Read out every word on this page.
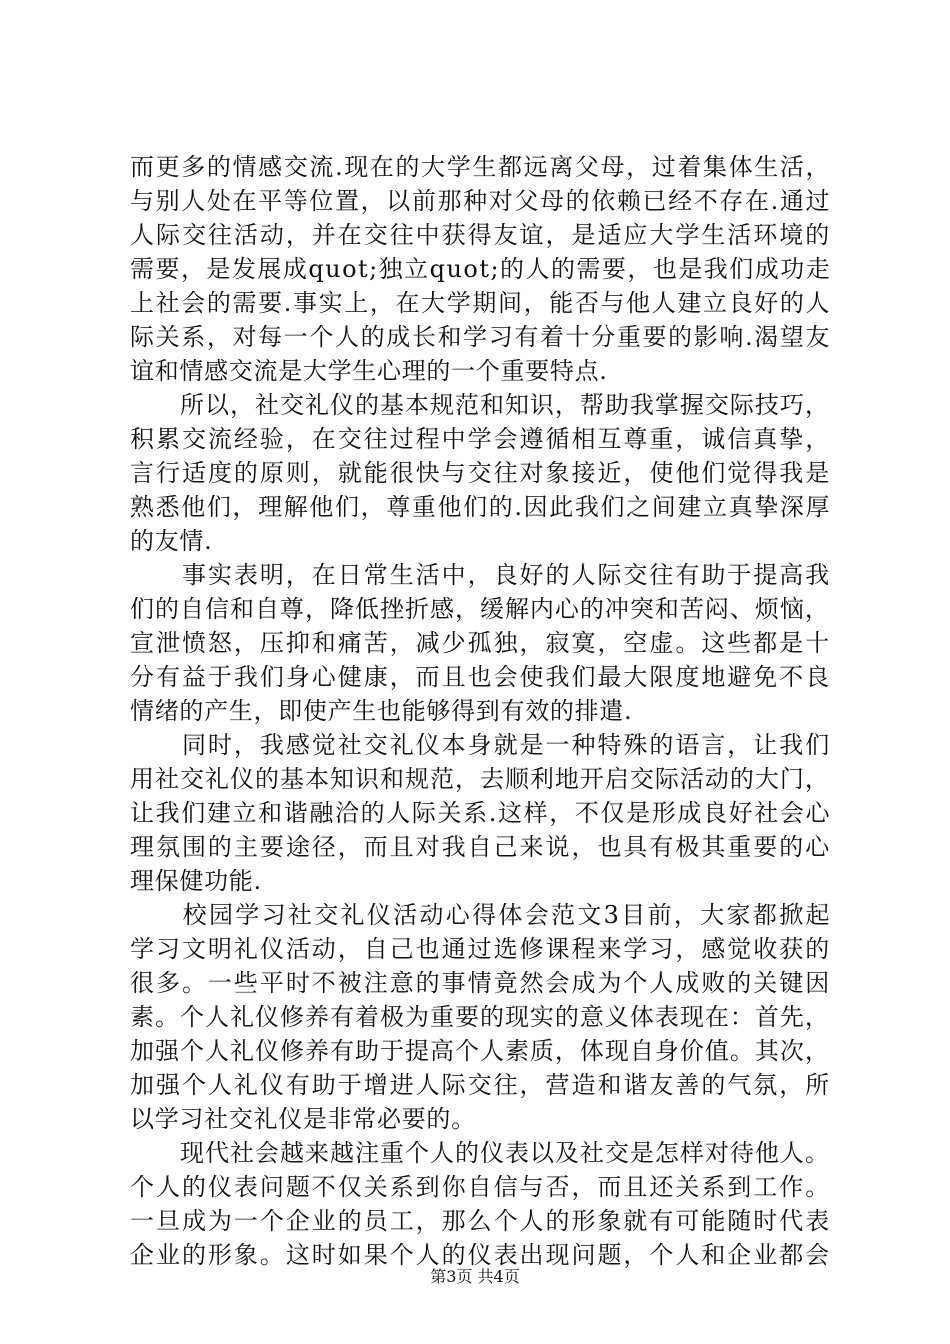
而更多的情感交流.现在的大学生都远离父母，过着集体生活，
与别人处在平等位置，以前那种对父母的依赖已经不存在.通过
人际交往活动，并在交往中获得友谊，是适应大学生活环境的
需要，是发展成quot;独立quot;的人的需要，也是我们成功走
上社会的需要.事实上，在大学期间，能否与他人建立良好的人
际关系，对每一个人的成长和学习有着十分重要的影响.渴望友
谊和情感交流是大学生心理的一个重要特点.
　　所以，社交礼仪的基本规范和知识，帮助我掌握交际技巧，
积累交流经验，在交往过程中学会遵循相互尊重，诚信真挚，
言行适度的原则，就能很快与交往对象接近，使他们觉得我是
熟悉他们，理解他们，尊重他们的.因此我们之间建立真挚深厚
的友情.
　　事实表明，在日常生活中，良好的人际交往有助于提高我
们的自信和自尊，降低挫折感，缓解内心的冲突和苦闷、烦恼，
宣泄愤怒，压抑和痛苦，减少孤独，寂寞，空虚。这些都是十
分有益于我们身心健康，而且也会使我们最大限度地避免不良
情绪的产生，即使产生也能够得到有效的排遣.
　　同时，我感觉社交礼仪本身就是一种特殊的语言，让我们
用社交礼仪的基本知识和规范，去顺利地开启交际活动的大门，
让我们建立和谐融洽的人际关系.这样，不仅是形成良好社会心
理氛围的主要途径，而且对我自己来说，也具有极其重要的心
理保健功能.
　　校园学习社交礼仪活动心得体会范文3目前，大家都掀起
学习文明礼仪活动，自己也通过选修课程来学习，感觉收获的
很多。一些平时不被注意的事情竟然会成为个人成败的关键因
素。个人礼仪修养有着极为重要的现实的意义体表现在：首先，
加强个人礼仪修养有助于提高个人素质，体现自身价值。其次，
加强个人礼仪有助于增进人际交往，营造和谐友善的气氛，所
以学习社交礼仪是非常必要的。
　　现代社会越来越注重个人的仪表以及社交是怎样对待他人。
个人的仪表问题不仅关系到你自信与否，而且还关系到工作。
一旦成为一个企业的员工，那么个人的形象就有可能随时代表
企业的形象。这时如果个人的仪表出现问题，个人和企业都会
第3页 共4页
